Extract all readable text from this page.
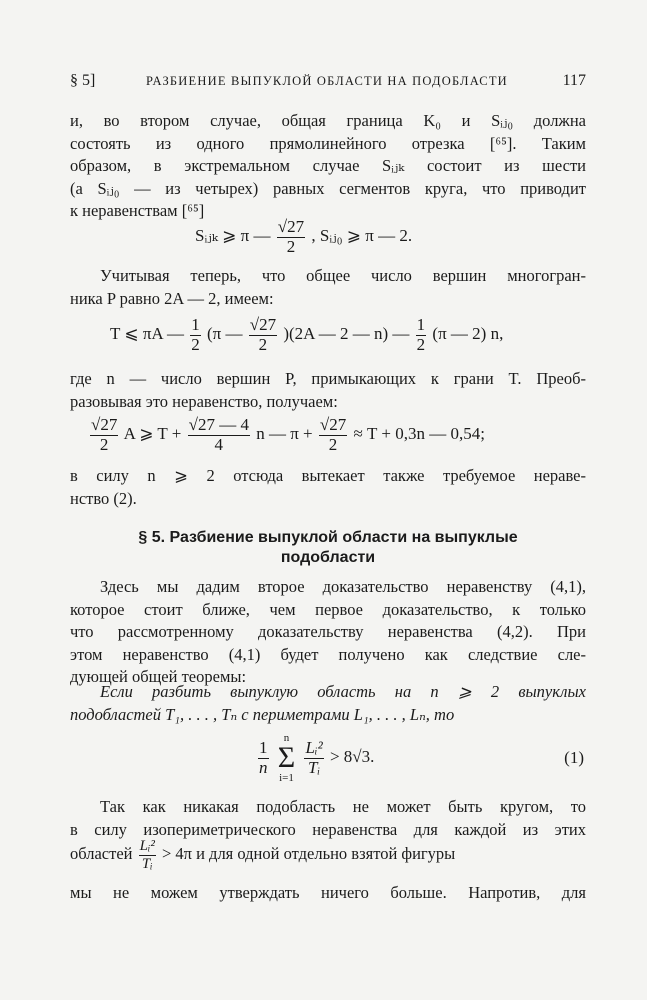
§ 5]	РАЗБИЕНИЕ ВЫПУКЛОЙ ОБЛАСТИ НА ПОДОБЛАСТИ	117
и, во втором случае, общая граница K₀ и Sᵢⱼ₀ должна
состоять из одного прямолинейного отрезка [⁶⁵]. Таким
образом, в экстремальном случае Sᵢⱼₖ состоит из шести
(а Sᵢⱼ₀ — из четырех) равных сегментов круга, что приводит
к неравенствам [⁶⁵]
Sᵢⱼₖ ⩾ π — $\frac{√27}{2}$ , Sᵢⱼ₀ ⩾ π — 2.
Учитывая теперь, что общее число вершин многогран-
ника P равно 2A — 2, имеем:
T ⩽ πA — $\frac{1}{2} (\pi$ — $\frac{√27}{2} )(2A$ — 2 — n) — $\frac{1}{2} (\pi$ — 2) n,
где n — число вершин P, примыкающих к грани T. Преоб-
разовывая это неравенство, получаем:
$\frac{√27}{2}$ A ⩾ $T + \frac{√27 — 4}{4}$ n — $\pi + \frac{√27}{2} \approx T + 0,3n$ — 0,54;
в силу n ⩾ 2 отсюда вытекает также требуемое нераве-
нство (2).
§ 5. Разбиение выпуклой области на выпуклые
подобласти
Здесь мы дадим второе доказательство неравенству (4,1),
которое стоит ближе, чем первое доказательство, к только
что рассмотренному доказательству неравенства (4,2). При
этом неравенство (4,1) будет получено как следствие сле-
дующей общей теоремы:
Если разбить выпуклую область на n ⩾ 2 выпуклых
подобластей T₁, . . . , Tₙ с периметрами L₁, . . . , Lₙ, то
$\frac{1}{n}$

n
Σ
i=1

$\frac{\text{Lᵢ²}}{\text{Tᵢ}} > 8√3$.	(1)
Так как никакая подобласть не может быть кругом, то
в силу изопериметрического неравенства для каждой из этих
областей $\frac{\text{Lᵢ²}}{\text{Tᵢ}} > 4\pi$ и для одной отдельно взятой фигуры
мы не можем утверждать ничего больше. Напротив, для
